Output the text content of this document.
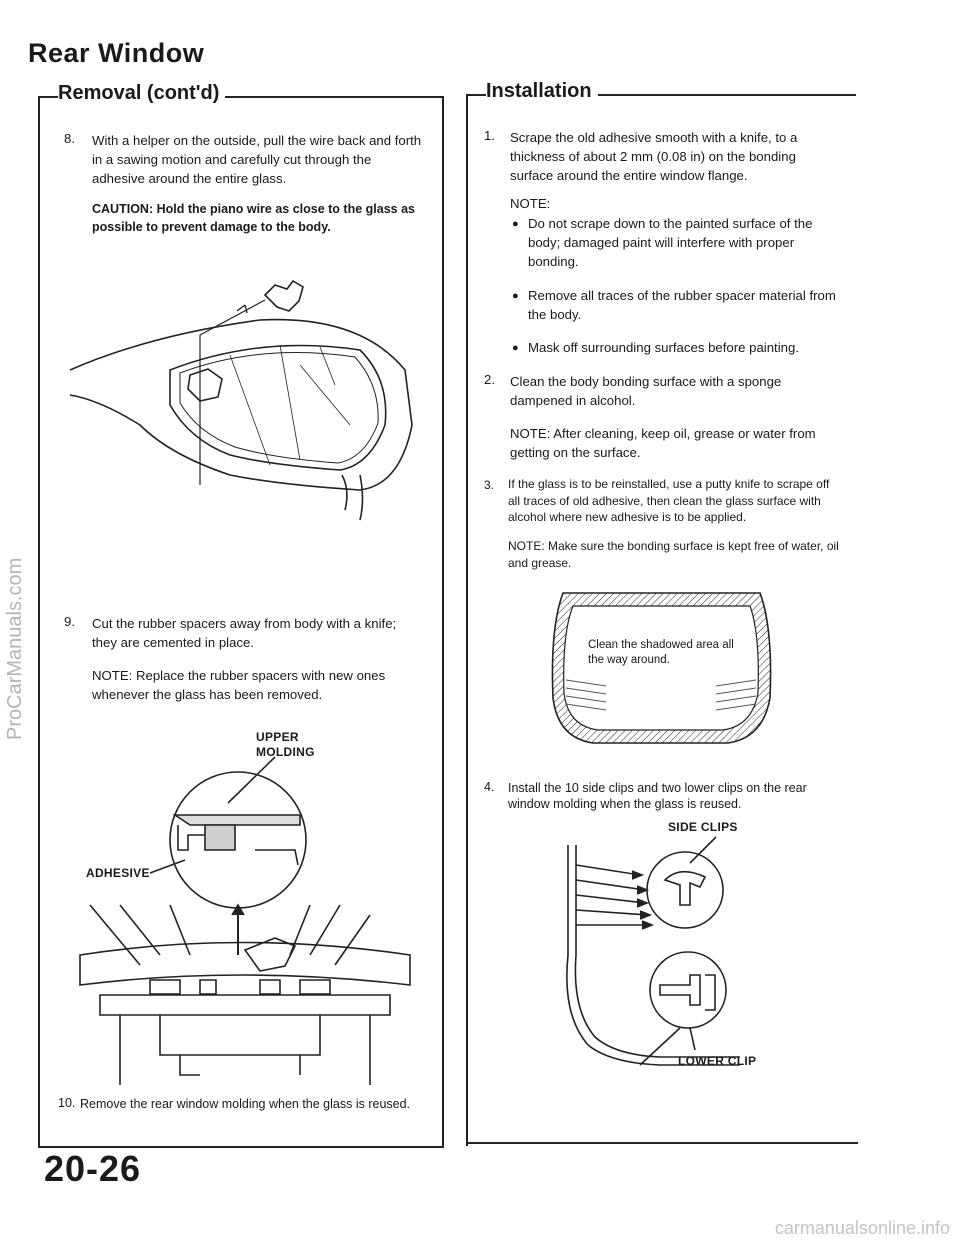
Rear Window
Removal (cont'd)	Installation
8. With a helper on the outside, pull the wire back and forth in a sawing motion and carefully cut through the adhesive around the entire glass.
CAUTION: Hold the piano wire as close to the glass as possible to prevent damage to the body.
9. Cut the rubber spacers away from body with a knife; they are cemented in place.
NOTE: Replace the rubber spacers with new ones whenever the glass has been removed.
UPPER
MOLDING
ADHESIVE
10. Remove the rear window molding when the glass is reused.
1. Scrape the old adhesive smooth with a knife, to a thickness of about 2 mm (0.08 in) on the bonding surface around the entire window flange.
NOTE:
● Do not scrape down to the painted surface of the body; damaged paint will interfere with proper bonding.
● Remove all traces of the rubber spacer material from the body.
● Mask off surrounding surfaces before painting.
2. Clean the body bonding surface with a sponge dampened in alcohol.
NOTE: After cleaning, keep oil, grease or water from getting on the surface.
3. If the glass is to be reinstalled, use a putty knife to scrape off all traces of old adhesive, then clean the glass surface with alcohol where new adhesive is to be applied.
NOTE: Make sure the bonding surface is kept free of water, oil and grease.
Clean the shadowed area all the way around.
4. Install the 10 side clips and two lower clips on the rear window molding when the glass is reused.
SIDE CLIPS
LOWER CLIP
20-26
ProCarManuals.com
carmanualsonline.info
